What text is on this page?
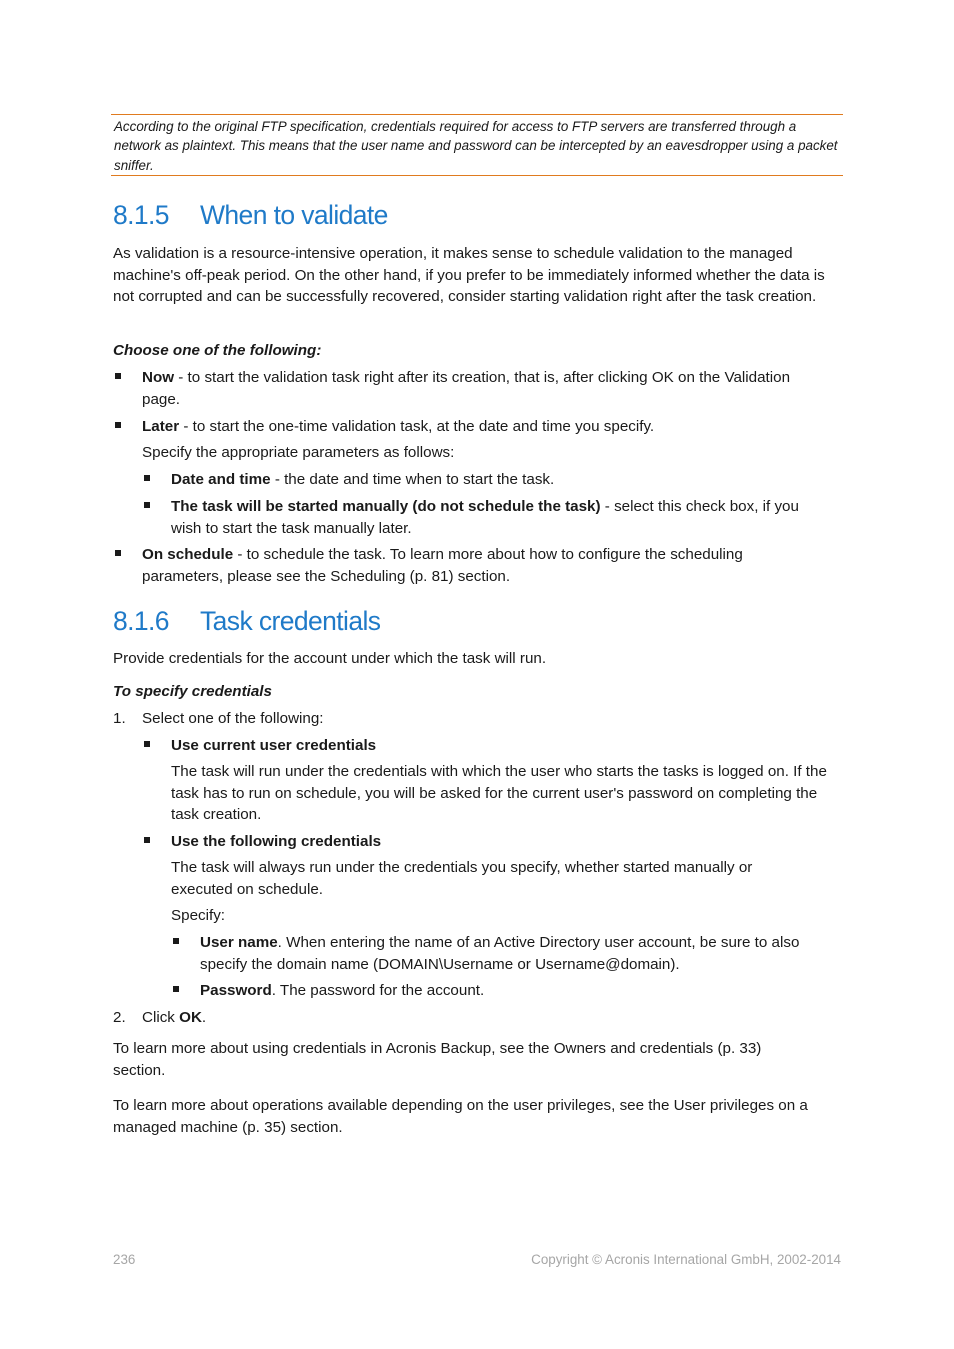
According to the original FTP specification, credentials required for access to FTP servers are transferred through a network as plaintext. This means that the user name and password can be intercepted by an eavesdropper using a packet sniffer.
8.1.5 When to validate
As validation is a resource-intensive operation, it makes sense to schedule validation to the managed machine's off-peak period. On the other hand, if you prefer to be immediately informed whether the data is not corrupted and can be successfully recovered, consider starting validation right after the task creation.
Choose one of the following:
Now - to start the validation task right after its creation, that is, after clicking OK on the Validation page.
Later - to start the one-time validation task, at the date and time you specify.
Specify the appropriate parameters as follows:
Date and time - the date and time when to start the task.
The task will be started manually (do not schedule the task) - select this check box, if you wish to start the task manually later.
On schedule - to schedule the task. To learn more about how to configure the scheduling parameters, please see the Scheduling (p. 81) section.
8.1.6 Task credentials
Provide credentials for the account under which the task will run.
To specify credentials
1.	Select one of the following:
Use current user credentials
The task will run under the credentials with which the user who starts the tasks is logged on. If the task has to run on schedule, you will be asked for the current user's password on completing the task creation.
Use the following credentials
The task will always run under the credentials you specify, whether started manually or executed on schedule.
Specify:
User name. When entering the name of an Active Directory user account, be sure to also specify the domain name (DOMAIN\Username or Username@domain).
Password. The password for the account.
2.	Click OK.
To learn more about using credentials in Acronis Backup, see the Owners and credentials (p. 33) section.
To learn more about operations available depending on the user privileges, see the User privileges on a managed machine (p. 35) section.
236	Copyright © Acronis International GmbH, 2002-2014
